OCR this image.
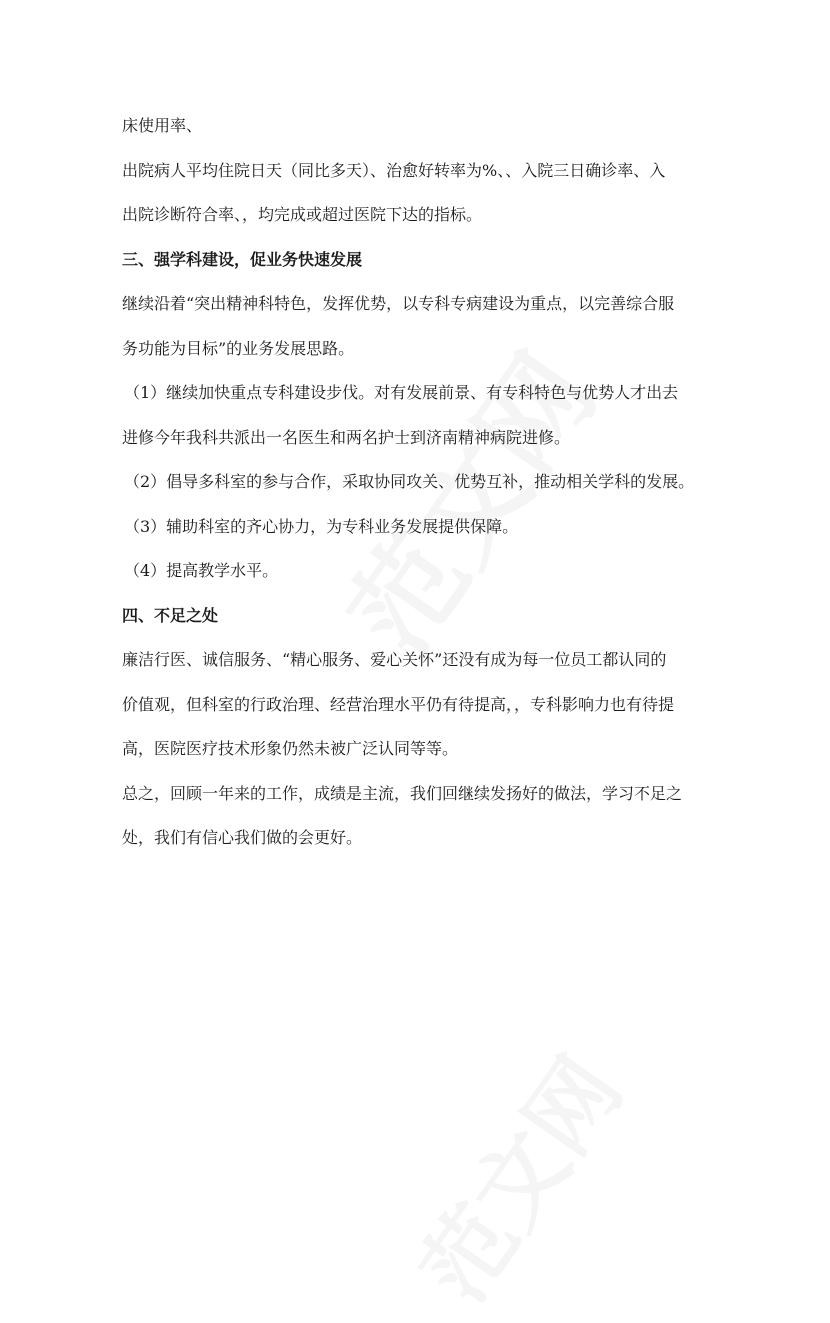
床使用率、

出院病人平均住院日天（同比多天）、治愈好转率为%、、入院三日确诊率、入

出院诊断符合率、，均完成或超过医院下达的指标。

三、强学科建设，促业务快速发展

继续沿着“突出精神科特色，发挥优势，以专科专病建设为重点，以完善综合服

务功能为目标”的业务发展思路。

（1）继续加快重点专科建设步伐。对有发展前景、有专科特色与优势人才出去

进修今年我科共派出一名医生和两名护士到济南精神病院进修。

（2）倡导多科室的参与合作，采取协同攻关、优势互补，推动相关学科的发展。

（3）辅助科室的齐心协力，为专科业务发展提供保障。

（4）提高教学水平。

四、不足之处

廉洁行医、诚信服务、“精心服务、爱心关怀”还没有成为每一位员工都认同的

价值观，但科室的行政治理、经营治理水平仍有待提高，，专科影响力也有待提

高，医院医疗技术形象仍然未被广泛认同等等。

总之，回顾一年来的工作，成绩是主流，我们回继续发扬好的做法，学习不足之

处，我们有信心我们做的会更好。
